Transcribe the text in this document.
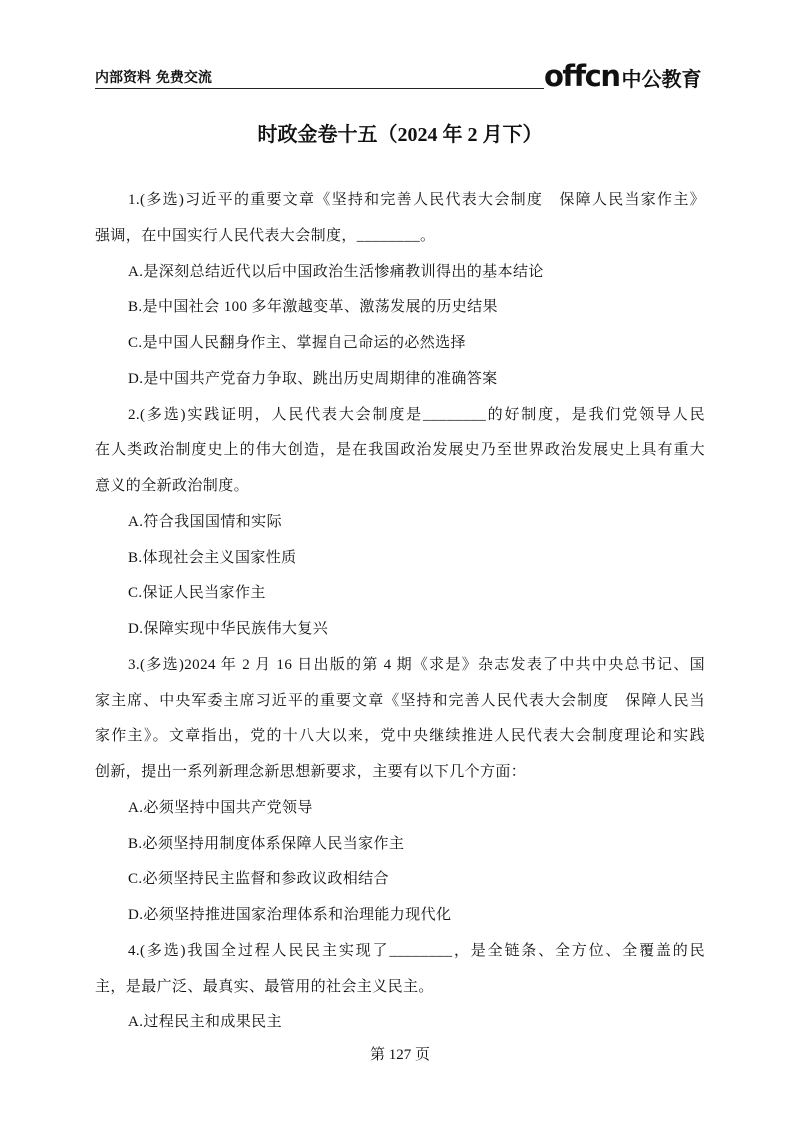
内部资料 免费交流	offcn 中公教育
时政金卷十五（2024 年 2 月下）
1.(多选)习近平的重要文章《坚持和完善人民代表大会制度　保障人民当家作主》
强调，在中国实行人民代表大会制度，________。
A.是深刻总结近代以后中国政治生活惨痛教训得出的基本结论
B.是中国社会 100 多年激越变革、激荡发展的历史结果
C.是中国人民翻身作主、掌握自己命运的必然选择
D.是中国共产党奋力争取、跳出历史周期律的准确答案
2.(多选)实践证明，人民代表大会制度是________的好制度，是我们党领导人民
在人类政治制度史上的伟大创造，是在我国政治发展史乃至世界政治发展史上具有重大
意义的全新政治制度。
A.符合我国国情和实际
B.体现社会主义国家性质
C.保证人民当家作主
D.保障实现中华民族伟大复兴
3.(多选)2024 年 2 月 16 日出版的第 4 期《求是》杂志发表了中共中央总书记、国
家主席、中央军委主席习近平的重要文章《坚持和完善人民代表大会制度　保障人民当
家作主》。文章指出，党的十八大以来，党中央继续推进人民代表大会制度理论和实践
创新，提出一系列新理念新思想新要求，主要有以下几个方面：
A.必须坚持中国共产党领导
B.必须坚持用制度体系保障人民当家作主
C.必须坚持民主监督和参政议政相结合
D.必须坚持推进国家治理体系和治理能力现代化
4.(多选)我国全过程人民民主实现了________，是全链条、全方位、全覆盖的民
主，是最广泛、最真实、最管用的社会主义民主。
A.过程民主和成果民主
第 127 页
